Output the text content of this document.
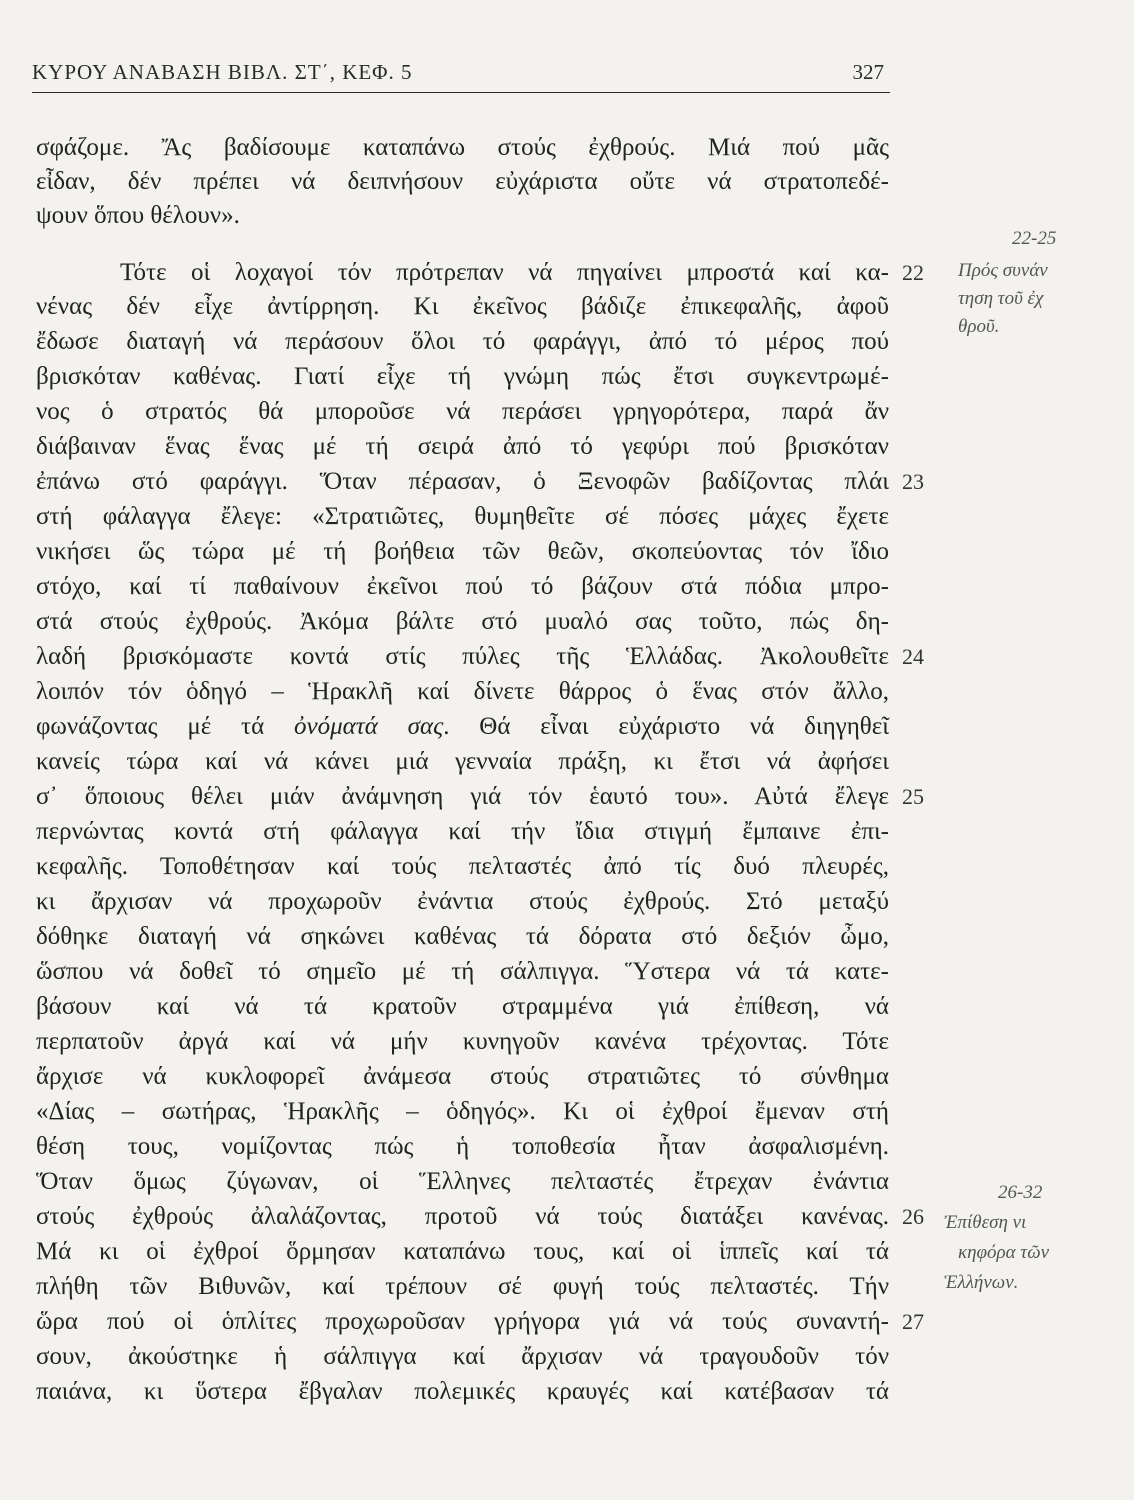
ΚΥΡΟΥ ΑΝΑΒΑΣΗ ΒΙΒΛ. ΣΤ΄, ΚΕΦ. 5	327
σφάζομε. Ἄς βαδίσουμε καταπάνω στούς ἐχθρούς. Μιά πού μᾶς
εἶδαν, δέν πρέπει νά δειπνήσουν εὐχάριστα οὔτε νά στρατοπεδέ-
ψουν ὅπου θέλουν».
Τότε οἱ λοχαγοί τόν πρότρεπαν νά πηγαίνει μπροστά καί κα-
νένας δέν εἶχε ἀντίρρηση. Κι ἐκεῖνος βάδιζε ἐπικεφαλῆς, ἀφοῦ
ἔδωσε διαταγή νά περάσουν ὅλοι τό φαράγγι, ἀπό τό μέρος πού
βρισκόταν καθένας. Γιατί εἶχε τή γνώμη πώς ἔτσι συγκεντρωμέ-
νος ὁ στρατός θά μποροῦσε νά περάσει γρηγορότερα, παρά ἄν
διάβαιναν ἕνας ἕνας μέ τή σειρά ἀπό τό γεφύρι πού βρισκόταν
ἐπάνω στό φαράγγι. Ὅταν πέρασαν, ὁ Ξενοφῶν βαδίζοντας πλάι
στή φάλαγγα ἔλεγε: «Στρατιῶτες, θυμηθεῖτε σέ πόσες μάχες ἔχετε
νικήσει ὥς τώρα μέ τή βοήθεια τῶν θεῶν, σκοπεύοντας τόν ἴδιο
στόχο, καί τί παθαίνουν ἐκεῖνοι πού τό βάζουν στά πόδια μπρο-
στά στούς ἐχθρούς. Ἀκόμα βάλτε στό μυαλό σας τοῦτο, πώς δη-
λαδή βρισκόμαστε κοντά στίς πύλες τῆς Ἑλλάδας. Ἀκολουθεῖτε
λοιπόν τόν ὁδηγό – Ἡρακλῆ καί δίνετε θάρρος ὁ ἕνας στόν ἄλλο,
φωνάζοντας μέ τά ὀνόματά σας. Θά εἶναι εὐχάριστο νά διηγηθεῖ
κανείς τώρα καί νά κάνει μιά γενναία πράξη, κι ἔτσι νά ἀφήσει
σ᾽ ὅποιους θέλει μιάν ἀνάμνηση γιά τόν ἑαυτό του». Αὐτά ἔλεγε
περνώντας κοντά στή φάλαγγα καί τήν ἴδια στιγμή ἔμπαινε ἐπι-
κεφαλῆς. Τοποθέτησαν καί τούς πελταστές ἀπό τίς δυό πλευρές,
κι ἄρχισαν νά προχωροῦν ἐνάντια στούς ἐχθρούς. Στό μεταξύ
δόθηκε διαταγή νά σηκώνει καθένας τά δόρατα στό δεξιόν ὦμο,
ὥσπου νά δοθεῖ τό σημεῖο μέ τή σάλπιγγα. Ὕστερα νά τά κατε-
βάσουν καί νά τά κρατοῦν στραμμένα γιά ἐπίθεση, νά
περπατοῦν ἀργά καί νά μήν κυνηγοῦν κανένα τρέχοντας. Τότε
ἄρχισε νά κυκλοφορεῖ ἀνάμεσα στούς στρατιῶτες τό σύνθημα
«Δίας – σωτήρας, Ἡρακλῆς – ὁδηγός». Κι οἱ ἐχθροί ἔμεναν στή
θέση τους, νομίζοντας πώς ἡ τοποθεσία ἦταν ἀσφαλισμένη.
Ὅταν ὅμως ζύγωναν, οἱ Ἕλληνες πελταστές ἔτρεχαν ἐνάντια
στούς ἐχθρούς ἀλαλάζοντας, προτοῦ νά τούς διατάξει κανένας.
Μά κι οἱ ἐχθροί ὅρμησαν καταπάνω τους, καί οἱ ἱππεῖς καί τά
πλήθη τῶν Βιθυνῶν, καί τρέπουν σέ φυγή τούς πελταστές. Τήν
ὥρα πού οἱ ὁπλίτες προχωροῦσαν γρήγορα γιά νά τούς συναντή-
σουν, ἀκούστηκε ἡ σάλπιγγα καί ἄρχισαν νά τραγουδοῦν τόν
παιάνα, κι ὕστερα ἔβγαλαν πολεμικές κραυγές καί κατέβασαν τά
22
23
24
25
26
27
22-25
Πρός συνάν
τηση τοῦ ἐχ
θροῦ.
26-32
Ἐπίθεση νι
κηφόρα τῶν
Ἑλλήνων.
